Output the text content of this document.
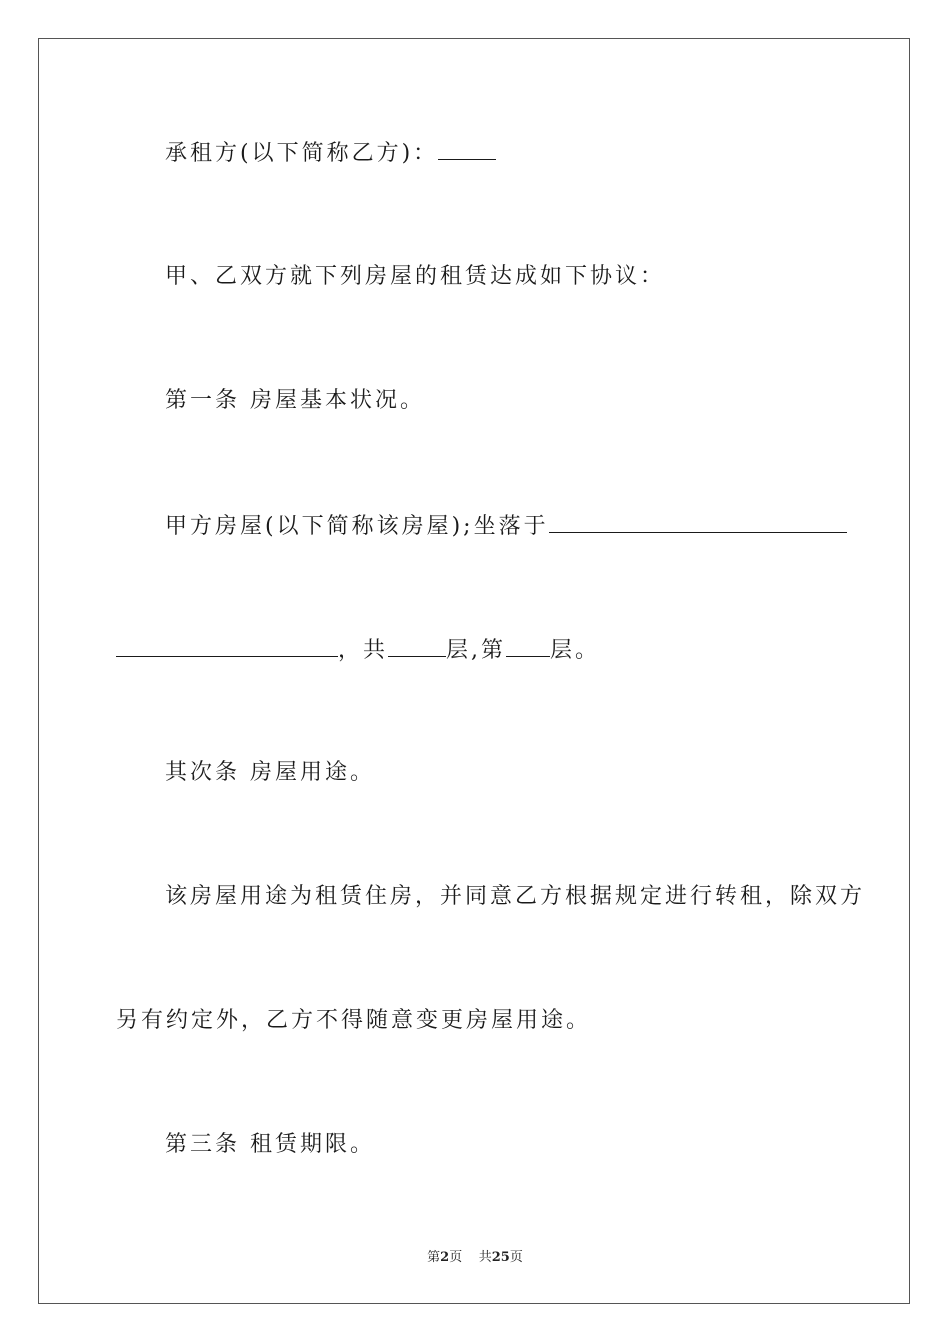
承租方(以下简称乙方)：
甲、乙双方就下列房屋的租赁达成如下协议：
第一条 房屋基本状况。
甲方房屋(以下简称该房屋);坐落于
，共	层,第 层。
其次条 房屋用途。
该房屋用途为租赁住房，并同意乙方根据规定进行转租，除双方
另有约定外，乙方不得随意变更房屋用途。
第三条 租赁期限。
第2页 共25页
